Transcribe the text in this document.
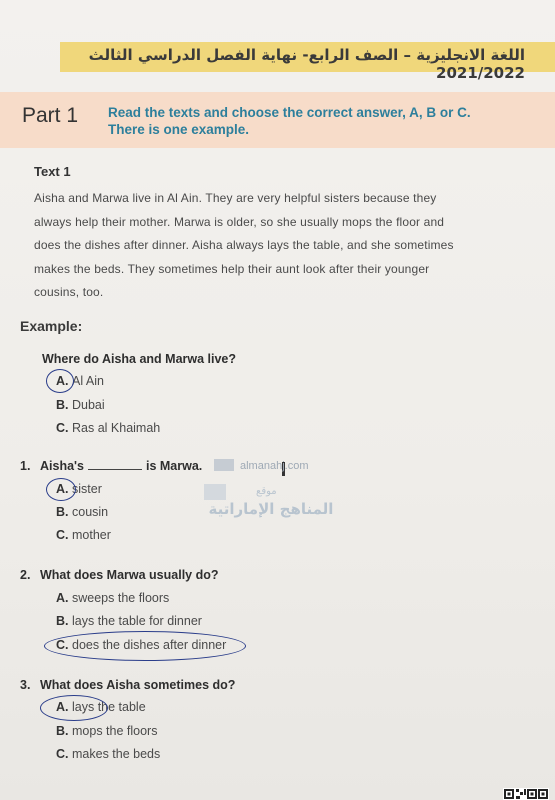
اللغة الانجليزية – الصف الرابع- نهاية الفصل الدراسي الثالث 2021/2022
Part 1 Read the texts and choose the correct answer, A, B or C.
There is one example.
Text 1
Aisha and Marwa live in Al Ain. They are very helpful sisters because they
always help their mother. Marwa is older, so she usually mops the floor and
does the dishes after dinner. Aisha always lays the table, and she sometimes
makes the beds. They sometimes help their aunt look after their younger
cousins, too.
Example:
Where do Aisha and Marwa live?
A. Al Ain
B. Dubai
C. Ras al Khaimah
1. Aisha's	is Marwa.
A. sister
B. cousin
C. mother
almanahj.com
موقع
المناهج الإماراتية
2. What does Marwa usually do?
A. sweeps the floors
B. lays the table for dinner
C. does the dishes after dinner
3. What does Aisha sometimes do?
A. lays the table
B. mops the floors
C. makes the beds
